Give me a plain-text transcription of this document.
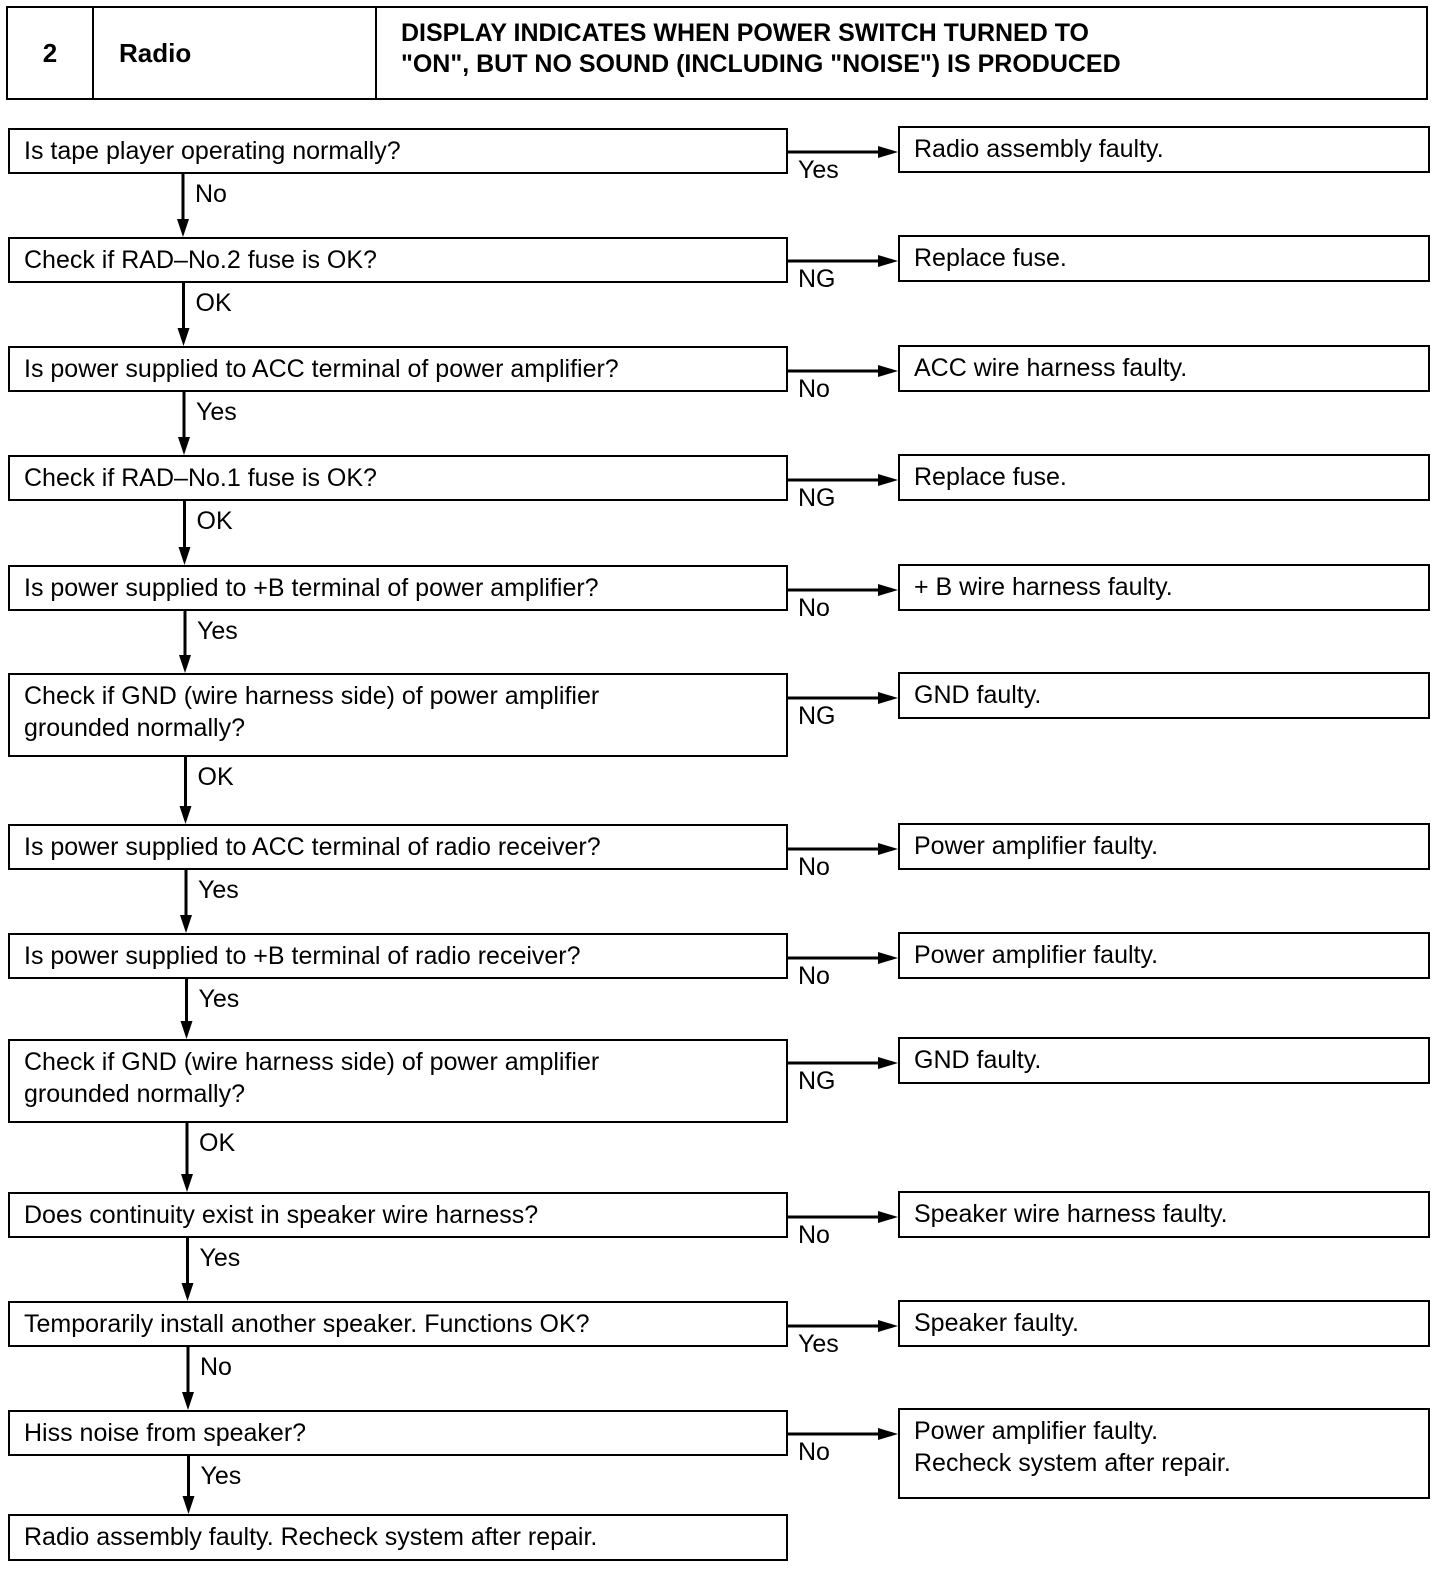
2	Radio
DISPLAY INDICATES WHEN POWER SWITCH TURNED TO
"ON", BUT NO SOUND (INCLUDING "NOISE") IS PRODUCED
Is tape player operating normally?	Radio assembly faulty.
Yes
No
Check if RAD–No.2 fuse is OK?	Replace fuse.
NG
OK
Is power supplied to ACC terminal of power amplifier?	ACC wire harness faulty.
No
Yes
Check if RAD–No.1 fuse is OK?	Replace fuse.
NG
OK
Is power supplied to +B terminal of power amplifier?	+ B wire harness faulty.
No
Yes
Check if GND (wire harness side) of power amplifier
grounded normally?
GND faulty.
NG
OK
Is power supplied to ACC terminal of radio receiver?	Power amplifier faulty.
No
Yes
Is power supplied to +B terminal of radio receiver?	Power amplifier faulty.
No
Yes
Check if GND (wire harness side) of power amplifier
grounded normally?
GND faulty.
NG
OK
Does continuity exist in speaker wire harness?	Speaker wire harness faulty.
No
Yes
Temporarily install another speaker. Functions OK?	Speaker faulty.
Yes
No
Hiss noise from speaker?	Power amplifier faulty.
Recheck system after repair.
No
Yes
Radio assembly faulty. Recheck system after repair.
